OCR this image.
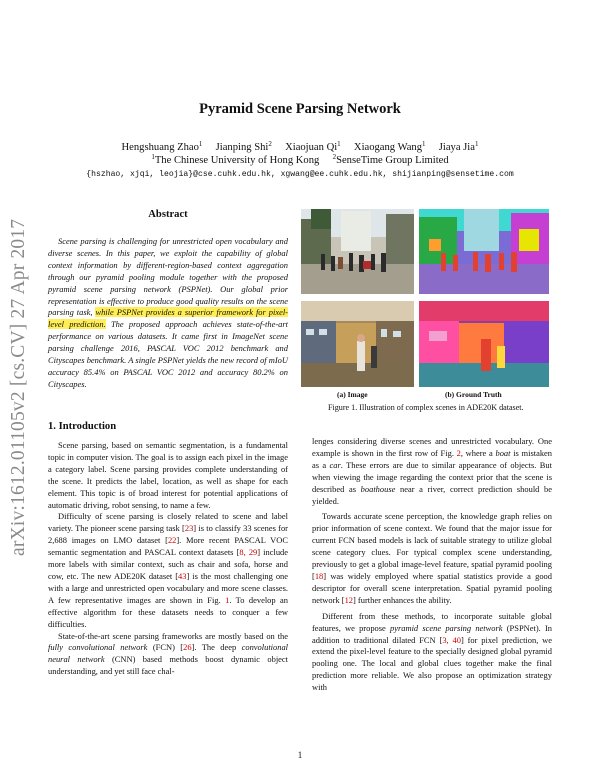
arXiv:1612.01105v2 [cs.CV] 27 Apr 2017
Pyramid Scene Parsing Network
Hengshuang Zhao$^1$ Jianping Shi$^2$ Xiaojuan Qi$^1$ Xiaogang Wang$^1$ Jiaya Jia$^1$
$^1$The Chinese University of Hong Kong $^2$SenseTime Group Limited
{hszhao, xjqi, leojia}@cse.cuhk.edu.hk, xgwang@ee.cuhk.edu.hk, shijianping@sensetime.com
Abstract

Scene parsing is challenging for unrestricted open vocabulary and diverse scenes. In this paper, we exploit the capability of global context information by different-region-based context aggregation through our pyramid pooling module together with the proposed pyramid scene parsing network (PSPNet). Our global prior representation is effective to produce good quality results on the scene parsing task, while PSPNet provides a superior framework for pixel-level prediction. The proposed approach achieves state-of-the-art performance on various datasets. It came first in ImageNet scene parsing challenge 2016, PASCAL VOC 2012 benchmark and Cityscapes benchmark. A single PSPNet yields the new record of mIoU accuracy 85.4% on PASCAL VOC 2012 and accuracy 80.2% on Cityscapes.

(a) Image	(b) Ground Truth
Figure 1. Illustration of complex scenes in ADE20K dataset.
1. Introduction

Scene parsing, based on semantic segmentation, is a fundamental topic in computer vision. The goal is to assign each pixel in the image a category label. Scene parsing provides complete understanding of the scene. It predicts the label, location, as well as shape for each element. This topic is of broad interest for potential applications of automatic driving, robot sensing, to name a few.

Difficulty of scene parsing is closely related to scene and label variety. The pioneer scene parsing task [23] is to classify 33 scenes for 2,688 images on LMO dataset [22]. More recent PASCAL VOC semantic segmentation and PASCAL context datasets [8, 29] include more labels with similar context, such as chair and sofa, horse and cow, etc. The new ADE20K dataset [43] is the most challenging one with a large and unrestricted open vocabulary and more scene classes. A few representative images are shown in Fig. 1. To develop an effective algorithm for these datasets needs to conquer a few difficulties.

State-of-the-art scene parsing frameworks are mostly based on the fully convolutional network (FCN) [26]. The deep convolutional neural network (CNN) based methods boost dynamic object understanding, and yet still face chal-

lenges considering diverse scenes and unrestricted vocabulary. One example is shown in the first row of Fig. 2, where a boat is mistaken as a car. These errors are due to similar appearance of objects. But when viewing the image regarding the context prior that the scene is described as boathouse near a river, correct prediction should be yielded.

Towards accurate scene perception, the knowledge graph relies on prior information of scene context. We found that the major issue for current FCN based models is lack of suitable strategy to utilize global scene category clues. For typical complex scene understanding, previously to get a global image-level feature, spatial pyramid pooling [18] was widely employed where spatial statistics provide a good descriptor for overall scene interpretation. Spatial pyramid pooling network [12] further enhances the ability.

Different from these methods, to incorporate suitable global features, we propose pyramid scene parsing network (PSPNet). In addition to traditional dilated FCN [3, 40] for pixel prediction, we extend the pixel-level feature to the specially designed global pyramid pooling one. The local and global clues together make the final prediction more reliable. We also propose an optimization strategy with

1
